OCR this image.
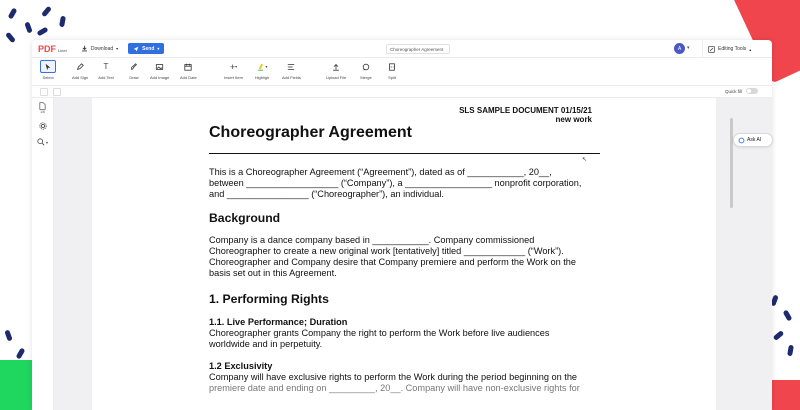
PDF Liner	Download ▾	Send ▾	Choreographer Agreement	A	▾	Editing Tools ▴
Select	Add Sign
T
Add Text	Draw	Add Image	Add Date
+ ▾
Insert Item
▾
Highligh	Add Fields	Upload File	Merge	Split
Quick fill
1/6
▾
SLS SAMPLE DOCUMENT 01/15/21
new work
Choreographer Agreement
↖
This is a Choreographer Agreement (“Agreement”), dated as of ___________, 20__,
between __________________ (“Company”), a _________________ nonprofit corporation,
and ________________ (“Choreographer”), an individual.
Background
Company is a dance company based in ___________. Company commissioned
Choreographer to create a new original work [tentatively] titled ____________ (“Work”).
Choreographer and Company desire that Company premiere and perform the Work on the
basis set out in this Agreement.
1. Performing Rights
1.1. Live Performance; Duration
Choreographer grants Company the right to perform the Work before live audiences
worldwide and in perpetuity.
1.2 Exclusivity
Company will have exclusive rights to perform the Work during the period beginning on the
premiere date and ending on _________, 20__. Company will have non-exclusive rights for
Ask AI
